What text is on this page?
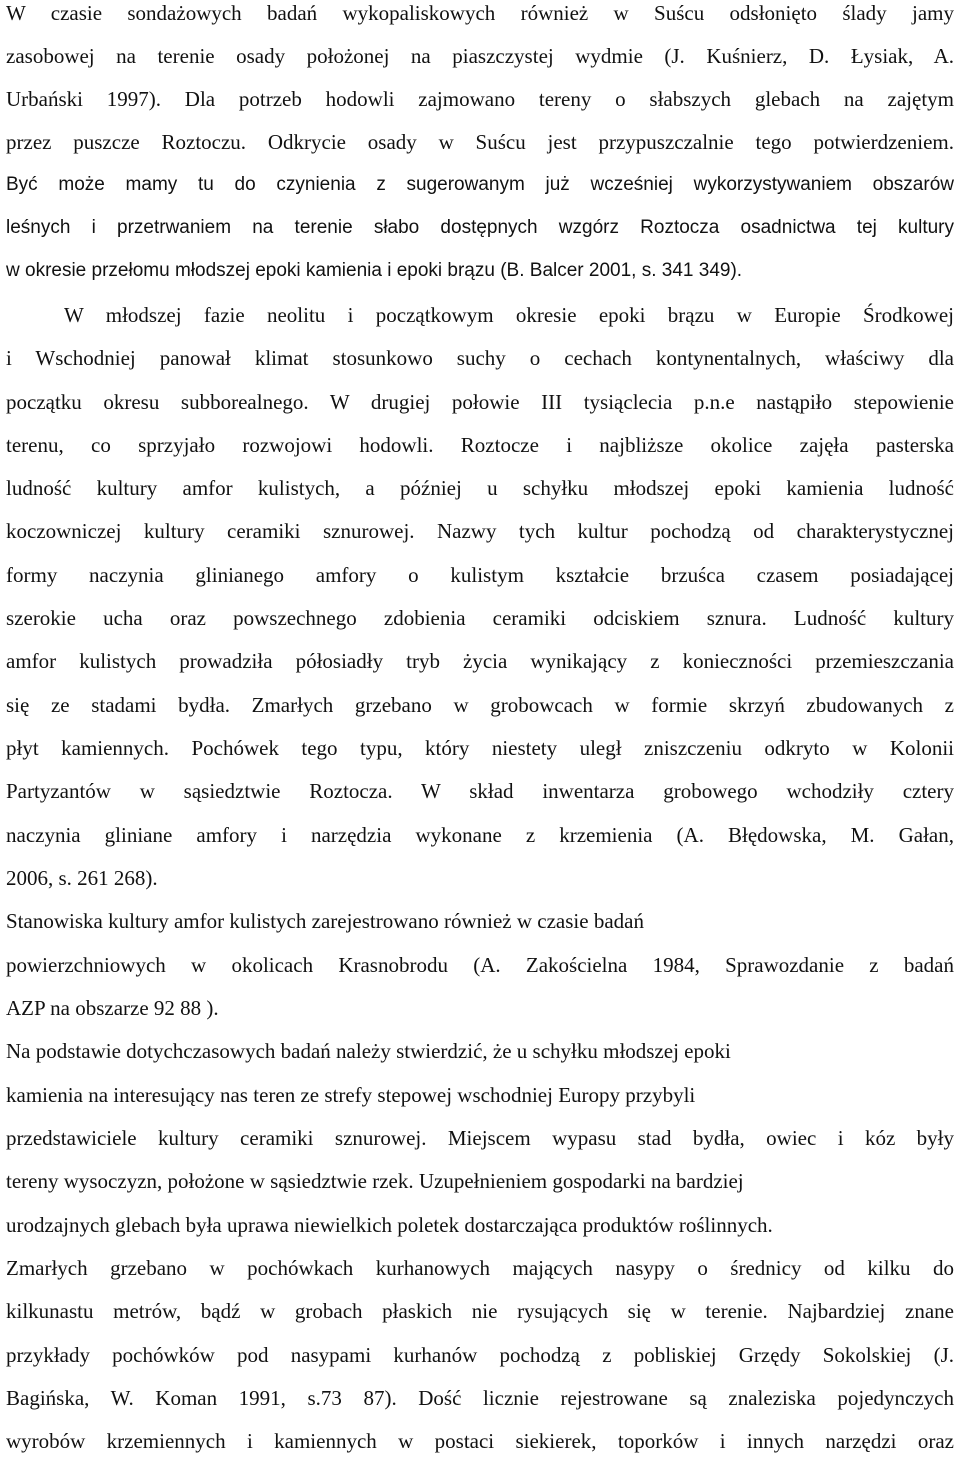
W czasie sondażowych badań wykopaliskowych również w Suścu odsłonięto ślady jamy
zasobowej na terenie osady położonej na piaszczystej wydmie (J. Kuśnierz, D. Łysiak, A.
Urbański 1997). Dla potrzeb hodowli zajmowano tereny o słabszych glebach na zajętym
przez puszcze Roztoczu. Odkrycie osady w Suścu jest przypuszczalnie tego potwierdzeniem.
Być może mamy tu do czynienia z sugerowanym już wcześniej wykorzystywaniem obszarów
leśnych i przetrwaniem na terenie słabo dostępnych wzgórz Roztocza osadnictwa tej kultury
w okresie przełomu młodszej epoki kamienia i epoki brązu (B. Balcer 2001, s. 341 349).
W młodszej fazie neolitu i początkowym okresie epoki brązu w Europie Środkowej
i Wschodniej panował klimat stosunkowo suchy o cechach kontynentalnych, właściwy dla
początku okresu subborealnego. W drugiej połowie III tysiąclecia p.n.e nastąpiło stepowienie
terenu, co sprzyjało rozwojowi hodowli. Roztocze i najbliższe okolice zajęła pasterska
ludność kultury amfor kulistych, a później u schyłku młodszej epoki kamienia ludność
koczowniczej kultury ceramiki sznurowej. Nazwy tych kultur pochodzą od charakterystycznej
formy naczynia glinianego amfory o kulistym kształcie brzuśca czasem posiadającej
szerokie ucha oraz powszechnego zdobienia ceramiki odciskiem sznura. Ludność kultury
amfor kulistych prowadziła półosiadły tryb życia wynikający z konieczności przemieszczania
się ze stadami bydła. Zmarłych grzebano w grobowcach w formie skrzyń zbudowanych z
płyt kamiennych. Pochówek tego typu, który niestety uległ zniszczeniu odkryto w Kolonii
Partyzantów w sąsiedztwie Roztocza. W skład inwentarza grobowego wchodziły cztery
naczynia gliniane amfory i narzędzia wykonane z krzemienia (A. Błędowska, M. Gałan,
2006, s. 261 268).
Stanowiska kultury amfor kulistych zarejestrowano również w czasie badań
powierzchniowych w okolicach Krasnobrodu (A. Zakościelna 1984, Sprawozdanie z badań
AZP na obszarze 92 88 ).
Na podstawie dotychczasowych badań należy stwierdzić, że u schyłku młodszej epoki
kamienia na interesujący nas teren ze strefy stepowej wschodniej Europy przybyli
przedstawiciele kultury ceramiki sznurowej. Miejscem wypasu stad bydła, owiec i kóz były
tereny wysoczyzn, położone w sąsiedztwie rzek. Uzupełnieniem gospodarki na bardziej
urodzajnych glebach była uprawa niewielkich poletek dostarczająca produktów roślinnych.
Zmarłych grzebano w pochówkach kurhanowych mających nasypy o średnicy od kilku do
kilkunastu metrów, bądź w grobach płaskich nie rysujących się w terenie. Najbardziej znane
przykłady pochówków pod nasypami kurhanów pochodzą z pobliskiej Grzędy Sokolskiej (J.
Bagińska, W. Koman 1991, s.73 87). Dość licznie rejestrowane są znaleziska pojedynczych
wyrobów krzemiennych i kamiennych w postaci siekierek, toporków i innych narzędzi oraz
